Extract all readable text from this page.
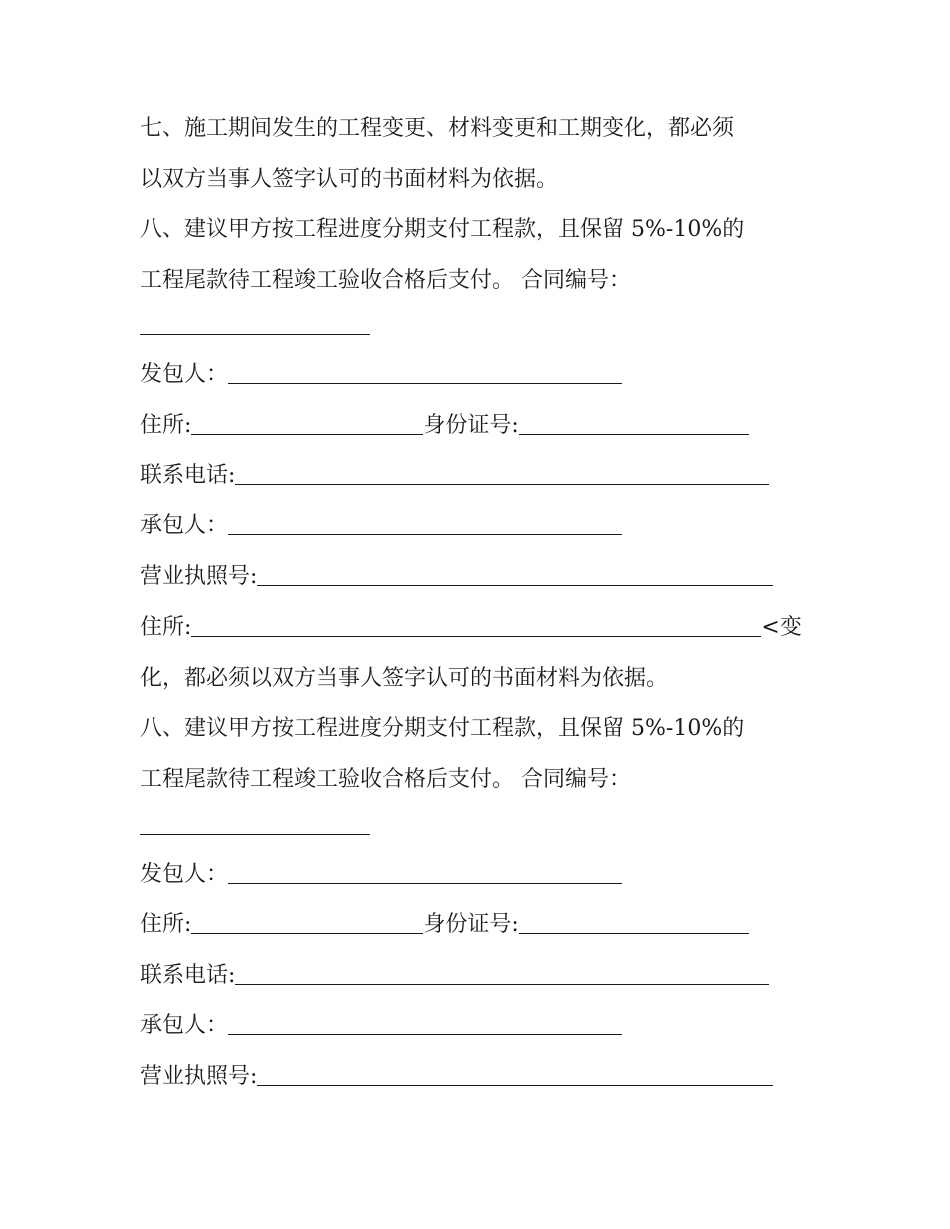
七、施工期间发生的工程变更、材料变更和工期变化，都必须
以双方当事人签字认可的书面材料为依据。
八、建议甲方按工程进度分期支付工程款，且保留 5%-10%的
工程尾款待工程竣工验收合格后支付。 合同编号：
发包人：
住所:	身份证号:
联系电话:
承包人：
营业执照号:
住所:	<变
化，都必须以双方当事人签字认可的书面材料为依据。
八、建议甲方按工程进度分期支付工程款，且保留 5%-10%的
工程尾款待工程竣工验收合格后支付。 合同编号：
发包人：
住所:	身份证号:
联系电话:
承包人：
营业执照号:
